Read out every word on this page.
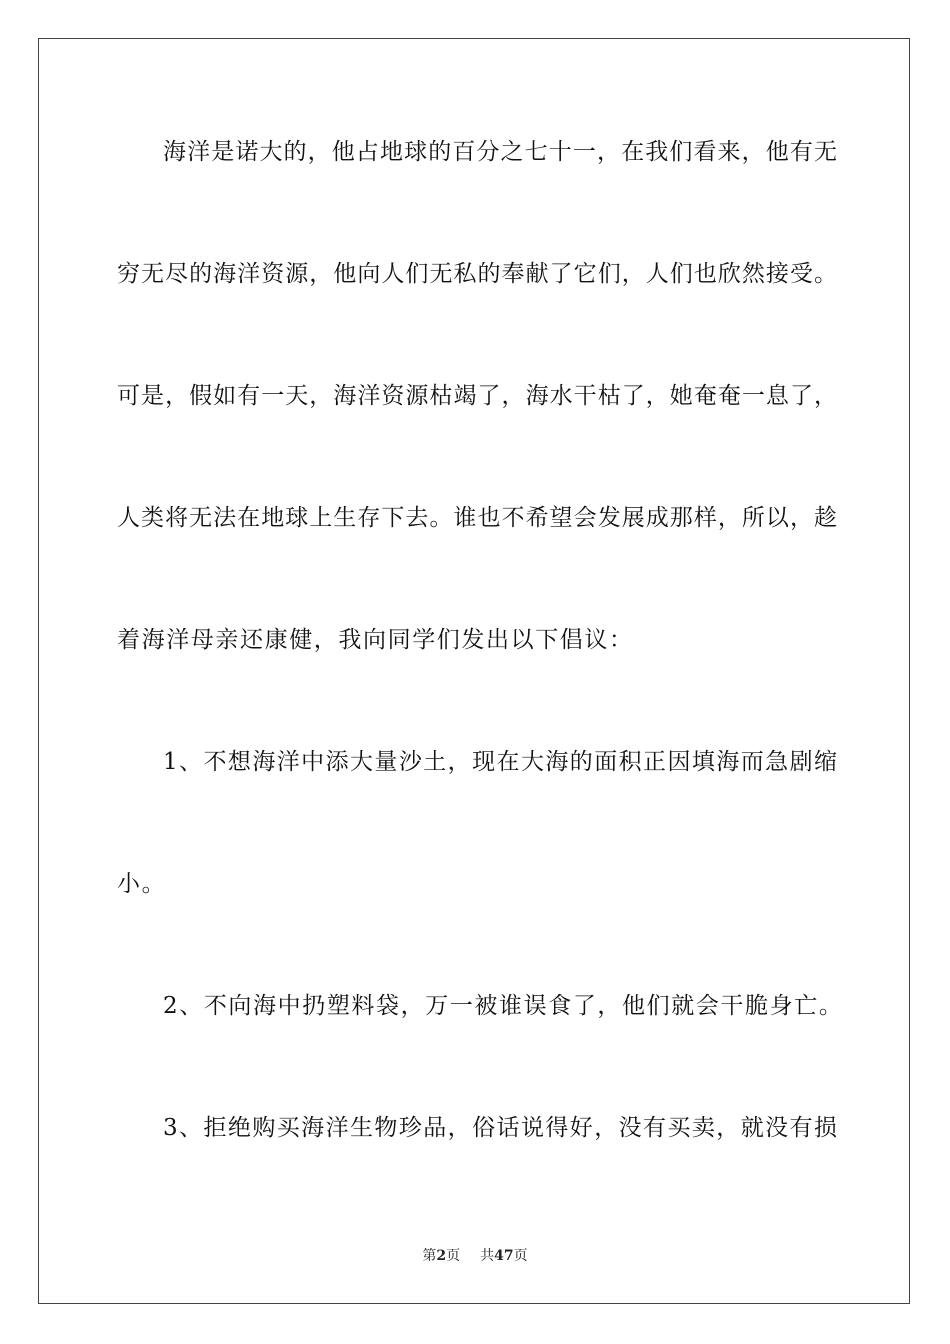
海洋是诺大的，他占地球的百分之七十一，在我们看来，他有无
穷无尽的海洋资源，他向人们无私的奉献了它们，人们也欣然接受。
可是，假如有一天，海洋资源枯竭了，海水干枯了，她奄奄一息了，
人类将无法在地球上生存下去。谁也不希望会发展成那样，所以，趁
着海洋母亲还康健，我向同学们发出以下倡议：
1、不想海洋中添大量沙土，现在大海的面积正因填海而急剧缩
小。
2、不向海中扔塑料袋，万一被谁误食了，他们就会干脆身亡。
3、拒绝购买海洋生物珍品，俗话说得好，没有买卖，就没有损
第2页 共47页
